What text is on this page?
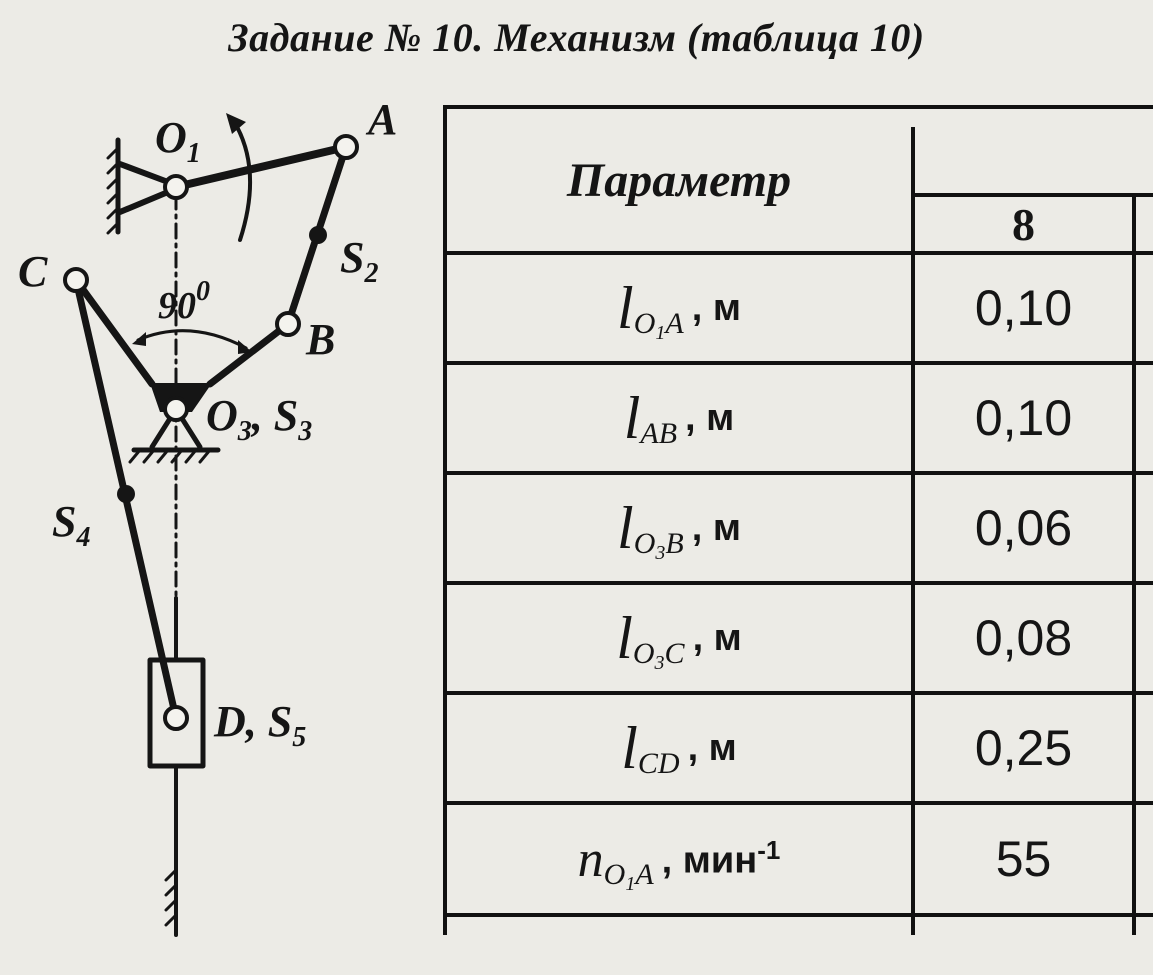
Задание № 10. Механизм (таблица 10)
$O_1$
A
$S_2$
C
$90^0$
B
$O_3$, $S_3$
$S_4$
D, $S_5$
Параметр
8
l $O_1A$ , м	0,10
l AB , м	0,10
l $O_3B$ , м	0,06
l $O_3C$ , м	0,08
l CD , м	0,25
n $O_1A$ , мин$^{-1}$	55
